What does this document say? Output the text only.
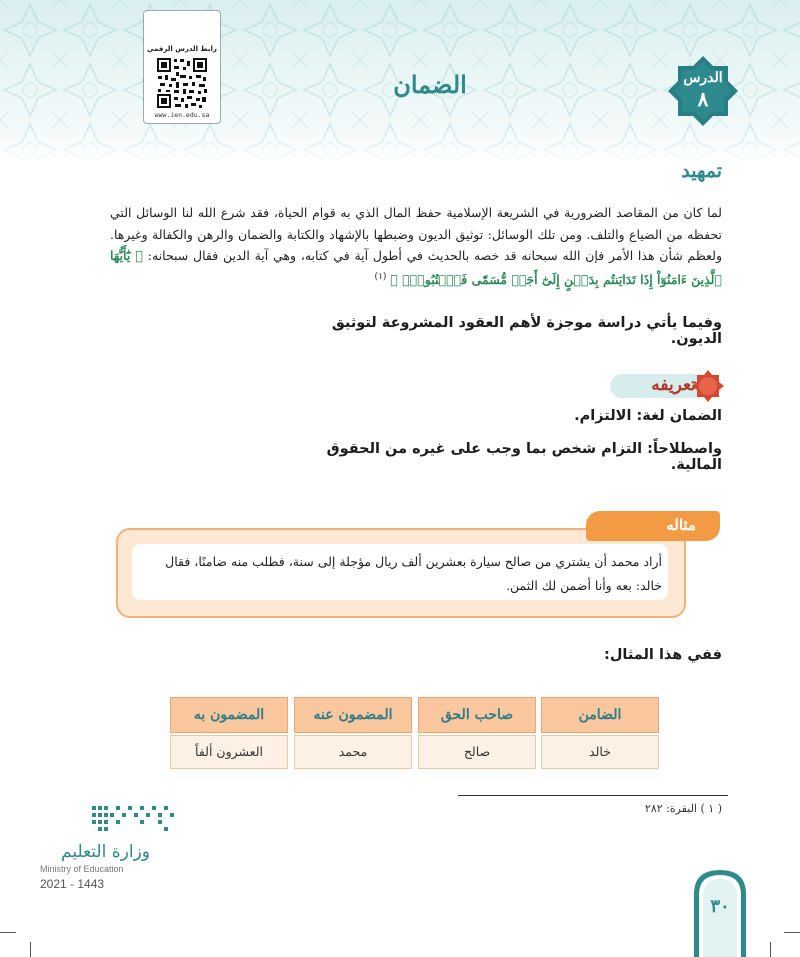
رابط الدرس الرقمي
www.ien.edu.sa
الضمان	الدرس
٨
تمهيد
لما كان من المقاصد الضرورية في الشريعة الإسلامية حفظ المال الذي به قوام الحياة، فقد شرع الله لنا الوسائل التي تحفظه من الضياع والتلف. ومن تلك الوسائل: توثيق الديون وضبطها بالإشهاد والكتابة والضمان والرهن والكفالة وغيرها. ولعظم شأن هذا الأمر فإن الله سبحانه قد خصه بالحديث في أطول آية في كتابه، وهي آية الدين فقال سبحانه: ﴿ يَٰٓأَيُّهَا ٱلَّذِينَ ءَامَنُوٓاْ إِذَا تَدَايَنتُم بِدَيۡنٍ إِلَىٰٓ أَجَلٖ مُّسَمّٗى فَٱكۡتُبُوهُۚ ﴾ $^{(١)}$
وفيما يأتي دراسة موجزة لأهم العقود المشروعة لتوثيق الديون.
تعريفه
الضمان لغة: الالتزام.
واصطلاحاً: التزام شخص بما وجب على غيره من الحقوق المالية.
أراد محمد أن يشتري من صالح سيارة بعشرين ألف ريال مؤجلة إلى سنة، فطلب منه ضامنًا، فقال خالد: بعه وأنا أضمن لك الثمن.
مثاله
ففي هذا المثال:
الضامن
خالد
صاحب الحق
صالح
المضمون عنه
محمد
المضمون به
العشرون ألفاً
( ١ ) البقرة: ٢٨٢
وزارة التعليم
Ministry of Education
2021 - 1443
٣٠
